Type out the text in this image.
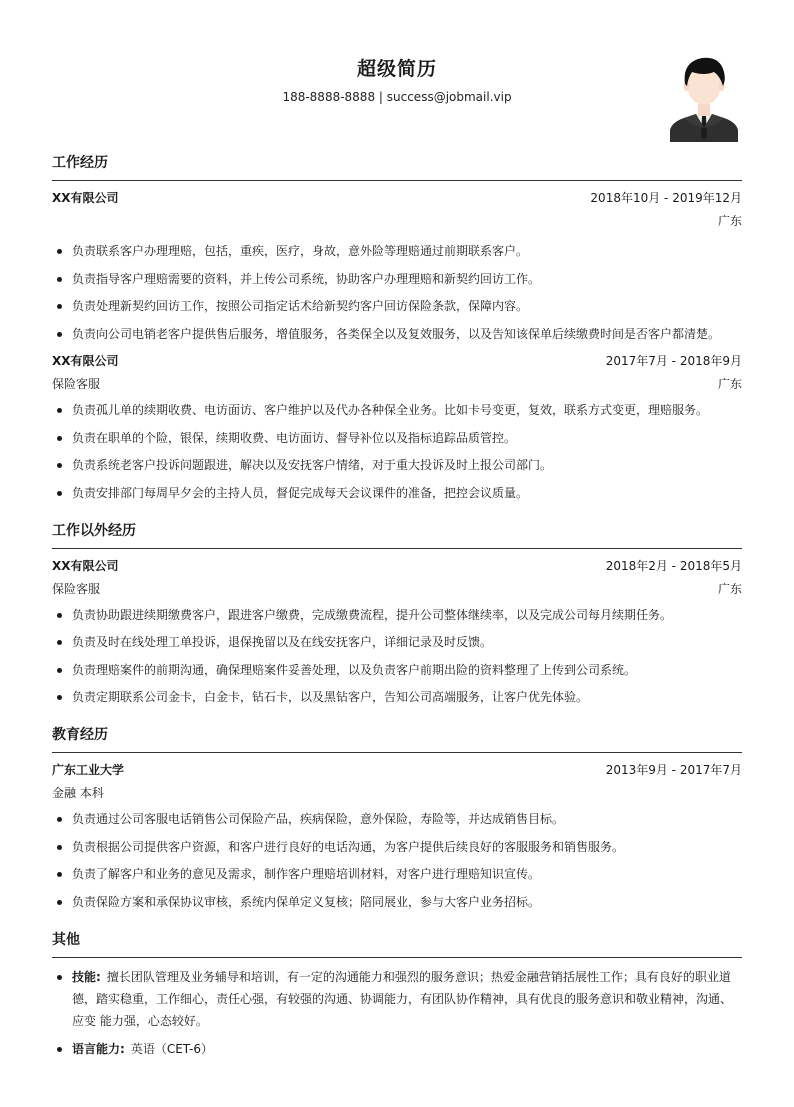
超级简历
188-8888-8888 | success@jobmail.vip
工作经历
XX有限公司	2018年10月 - 2019年12月
广东
负责联系客户办理理赔，包括，重疾，医疗，身故，意外险等理赔通过前期联系客户。
负责指导客户理赔需要的资料，并上传公司系统，协助客户办理理赔和新契约回访工作。
负责处理新契约回访工作，按照公司指定话术给新契约客户回访保险条款，保障内容。
负责向公司电销老客户提供售后服务，增值服务，各类保全以及复效服务，以及告知该保单后续缴费时间是否客户都清楚。
XX有限公司	2017年7月 - 2018年9月
保险客服	广东
负责孤儿单的续期收费、电访面访、客户维护以及代办各种保全业务。比如卡号变更，复效，联系方式变更，理赔服务。
负责在职单的个险，银保，续期收费、电访面访、督导补位以及指标追踪品质管控。
负责系统老客户投诉问题跟进，解决以及安抚客户情绪，对于重大投诉及时上报公司部门。
负责安排部门每周早夕会的主持人员，督促完成每天会议课件的准备，把控会议质量。
工作以外经历
XX有限公司	2018年2月 - 2018年5月
保险客服	广东
负责协助跟进续期缴费客户，跟进客户缴费，完成缴费流程，提升公司整体继续率，以及完成公司每月续期任务。
负责及时在线处理工单投诉，退保挽留以及在线安抚客户，详细记录及时反馈。
负责理赔案件的前期沟通，确保理赔案件妥善处理，以及负责客户前期出险的资料整理了上传到公司系统。
负责定期联系公司金卡，白金卡，钻石卡，以及黑钻客户，告知公司高端服务，让客户优先体验。
教育经历
广东工业大学	2013年9月 - 2017年7月
金融 本科
负责通过公司客服电话销售公司保险产品，疾病保险，意外保险，寿险等，并达成销售目标。
负责根据公司提供客户资源，和客户进行良好的电话沟通，为客户提供后续良好的客服服务和销售服务。
负责了解客户和业务的意见及需求，制作客户理赔培训材料，对客户进行理赔知识宣传。
负责保险方案和承保协议审核，系统内保单定义复核；陪同展业，参与大客户业务招标。
其他
技能: 擅长团队管理及业务辅导和培训，有一定的沟通能力和强烈的服务意识；热爱金融营销括展性工作；具有良好的职业道德，踏实稳重，工作细心，责任心强，有较强的沟通、协调能力，有团队协作精神，具有优良的服务意识和敬业精神，沟通、应变 能力强，心态较好。
语言能力: 英语（CET-6）
